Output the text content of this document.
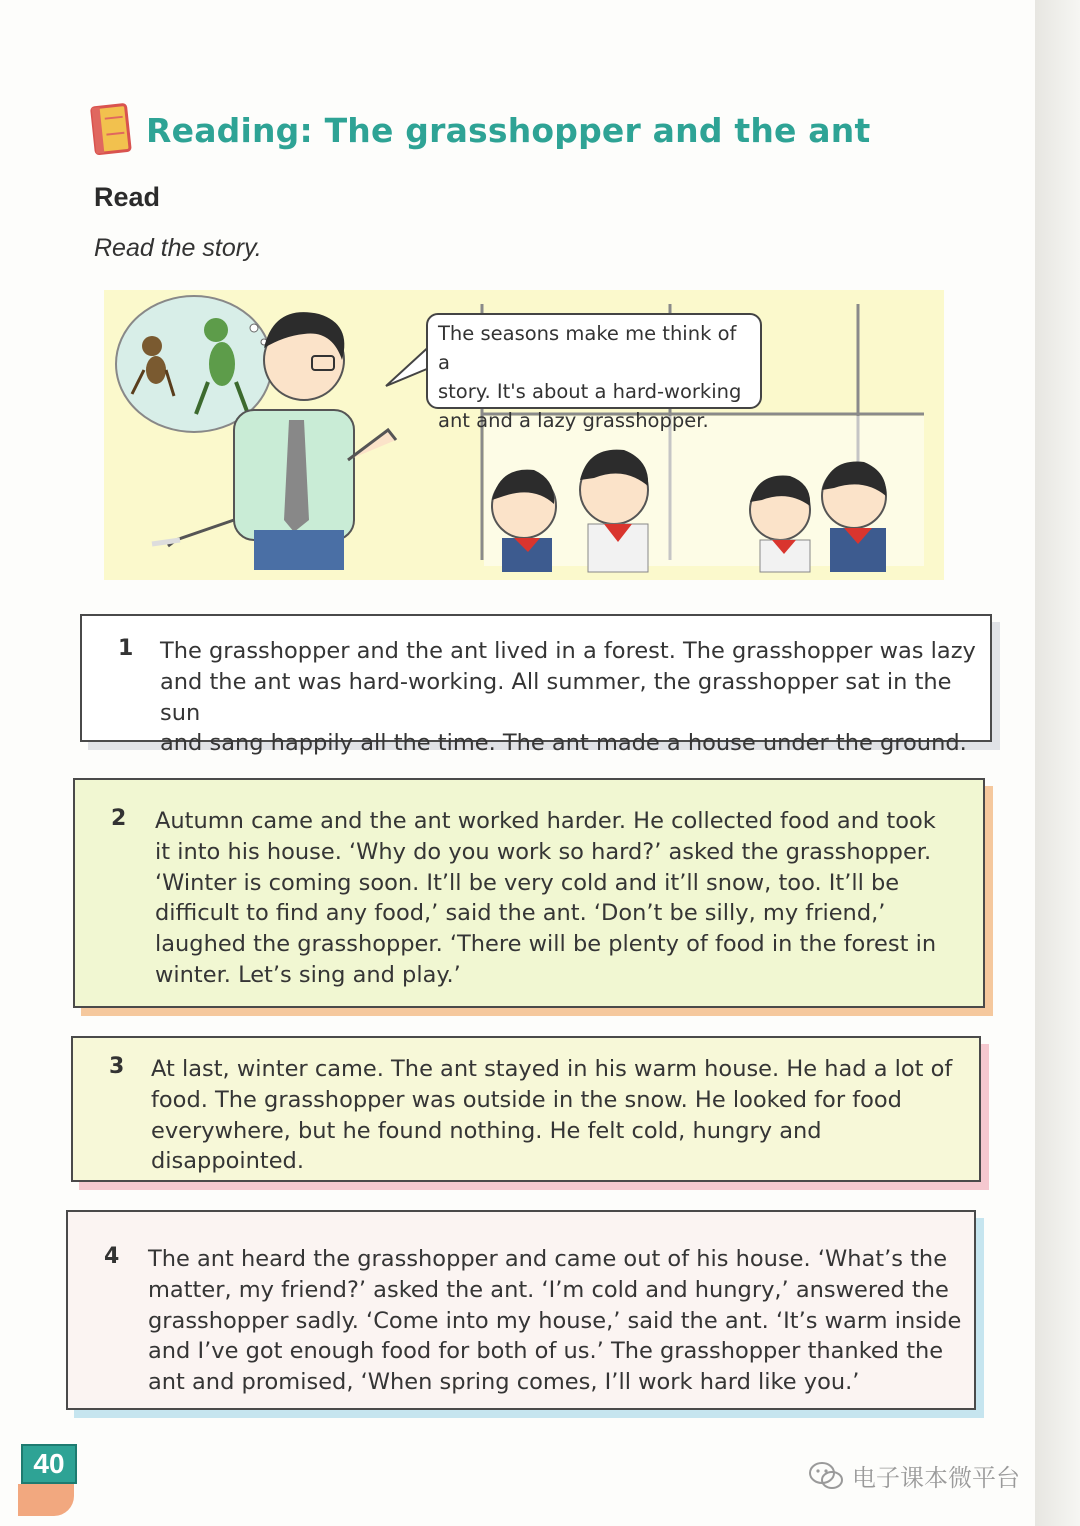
Reading: The grasshopper and the ant
Read
Read the story.
The seasons make me think of a
story. It's about a hard-working
ant and a lazy grasshopper.
1 The grasshopper and the ant lived in a forest. The grasshopper was lazy
and the ant was hard-working. All summer, the grasshopper sat in the sun
and sang happily all the time. The ant made a house under the ground.
2 Autumn came and the ant worked harder. He collected food and took
it into his house. ‘Why do you work so hard?’ asked the grasshopper.
‘Winter is coming soon. It’ll be very cold and it’ll snow, too. It’ll be
difficult to find any food,’ said the ant. ‘Don’t be silly, my friend,’
laughed the grasshopper. ‘There will be plenty of food in the forest in
winter. Let’s sing and play.’
3 At last, winter came. The ant stayed in his warm house. He had a lot of
food. The grasshopper was outside in the snow. He looked for food
everywhere, but he found nothing. He felt cold, hungry and
disappointed.
4 The ant heard the grasshopper and came out of his house. ‘What’s the
matter, my friend?’ asked the ant. ‘I’m cold and hungry,’ answered the
grasshopper sadly. ‘Come into my house,’ said the ant. ‘It’s warm inside
and I’ve got enough food for both of us.’ The grasshopper thanked the
ant and promised, ‘When spring comes, I’ll work hard like you.’
40	电子课本微平台
